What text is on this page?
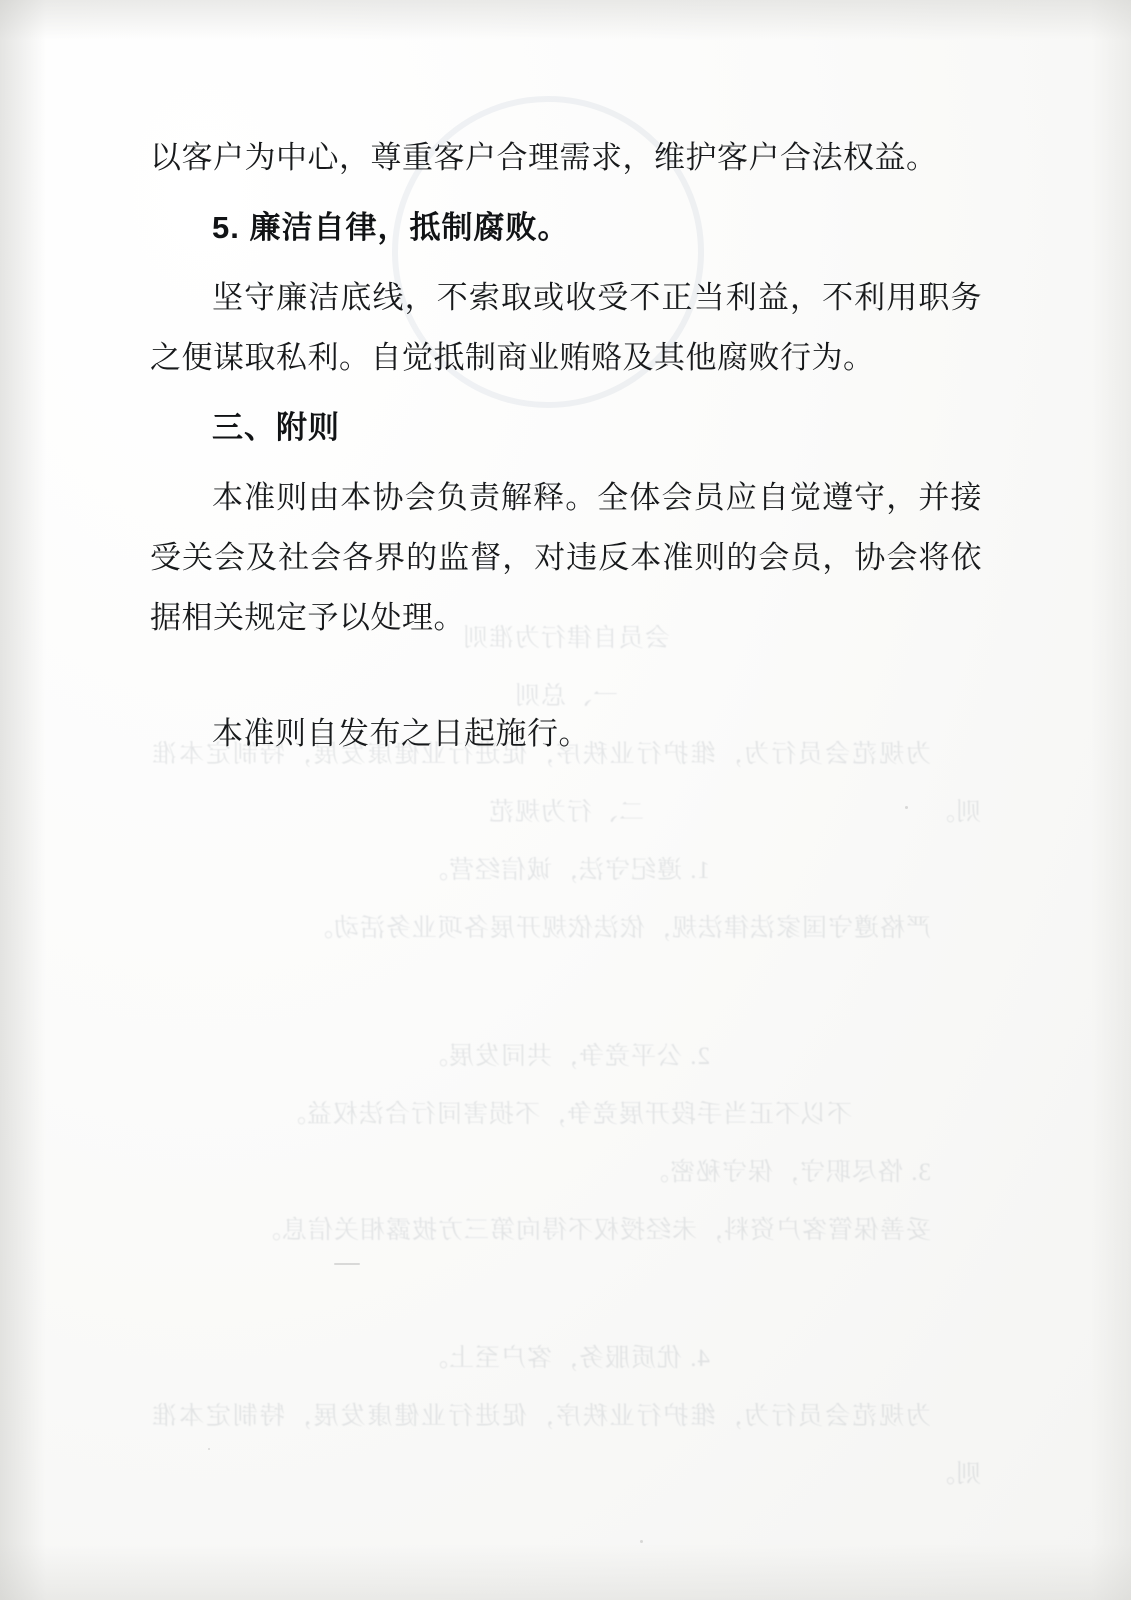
会员自律行为准则
一、总则
为规范会员行为，维护行业秩序，促进行业健康发展，特制定本准则。
二、行为规范
1. 遵纪守法，诚信经营。
严格遵守国家法律法规，依法依规开展各项业务活动。
2. 公平竞争，共同发展。
不以不正当手段开展竞争，不损害同行合法权益。
3. 恪尽职守，保守秘密。
妥善保管客户资料，未经授权不得向第三方披露相关信息。
4. 优质服务，客户至上。
为规范会员行为，维护行业秩序，促进行业健康发展，特制定本准则。

以客户为中心，尊重客户合理需求，维护客户合法权益。

5. 廉洁自律，抵制腐败。

坚守廉洁底线，不索取或收受不正当利益，不利用职务之便谋取私利。自觉抵制商业贿赂及其他腐败行为。

三、附则

本准则由本协会负责解释。全体会员应自觉遵守，并接受关会及社会各界的监督，对违反本准则的会员，协会将依据相关规定予以处理。

本准则自发布之日起施行。
